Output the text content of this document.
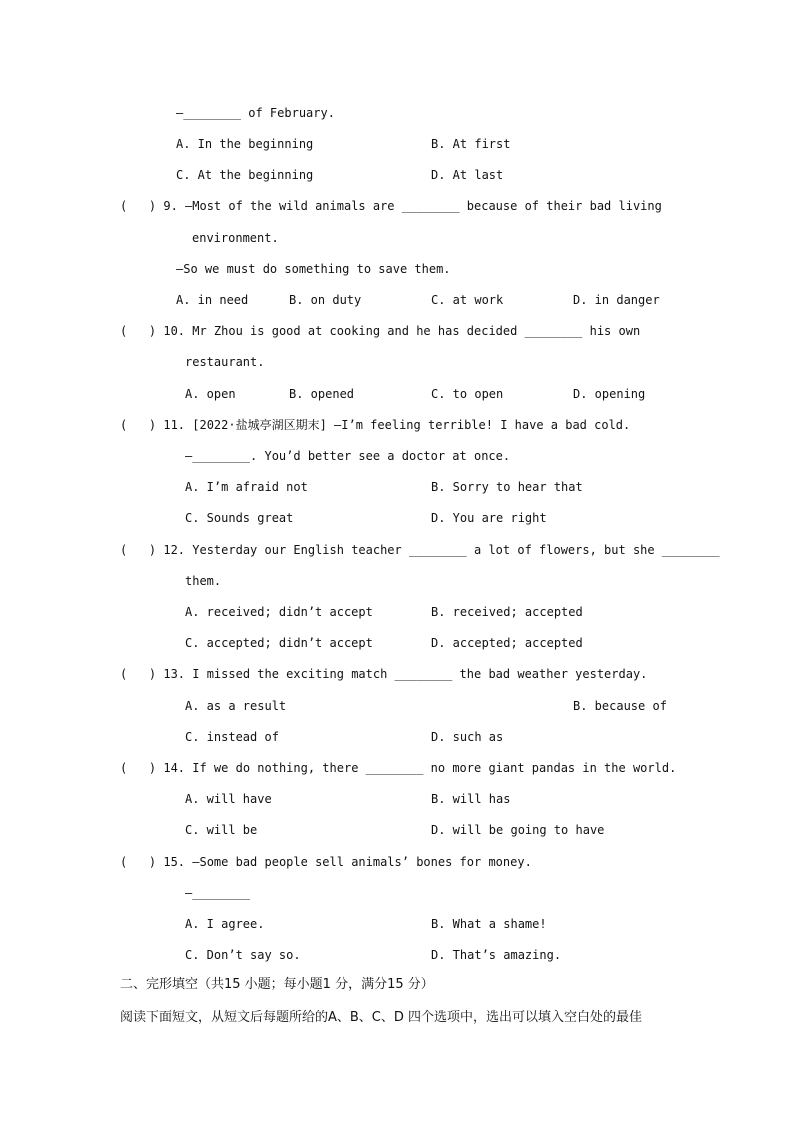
—________ of February.
A. In the beginning	B. At first
C. At the beginning	D. At last
(   ) 9. —Most of the wild animals are ________ because of their bad living
environment.
—So we must do something to save them.
A. in need	B. on duty	C. at work	D. in danger
(   ) 10. Mr Zhou is good at cooking and he has decided ________ his own
restaurant.
A. open	B. opened	C. to open	D. opening
(   ) 11. [2022·盐城亭湖区期末] —I’m feeling terrible! I have a bad cold.
—________. You’d better see a doctor at once.
A. I’m afraid not	B. Sorry to hear that
C. Sounds great	D. You are right
(   ) 12. Yesterday our English teacher ________ a lot of flowers, but she ________
them.
A. received; didn’t accept	B. received; accepted
C. accepted; didn’t accept	D. accepted; accepted
(   ) 13. I missed the exciting match ________ the bad weather yesterday.
A. as a result	B. because of
C. instead of	D. such as
(   ) 14. If we do nothing, there ________ no more giant pandas in the world.
A. will have	B. will has
C. will be	D. will be going to have
(   ) 15. —Some bad people sell animals’ bones for money.
—________
A. I agree.	B. What a shame!
C. Don’t say so.	D. That’s amazing.
二、完形填空（共15 小题；每小题1 分，满分15 分）
阅读下面短文，从短文后每题所给的A、B、C、D 四个选项中，选出可以填入空白处的最佳
